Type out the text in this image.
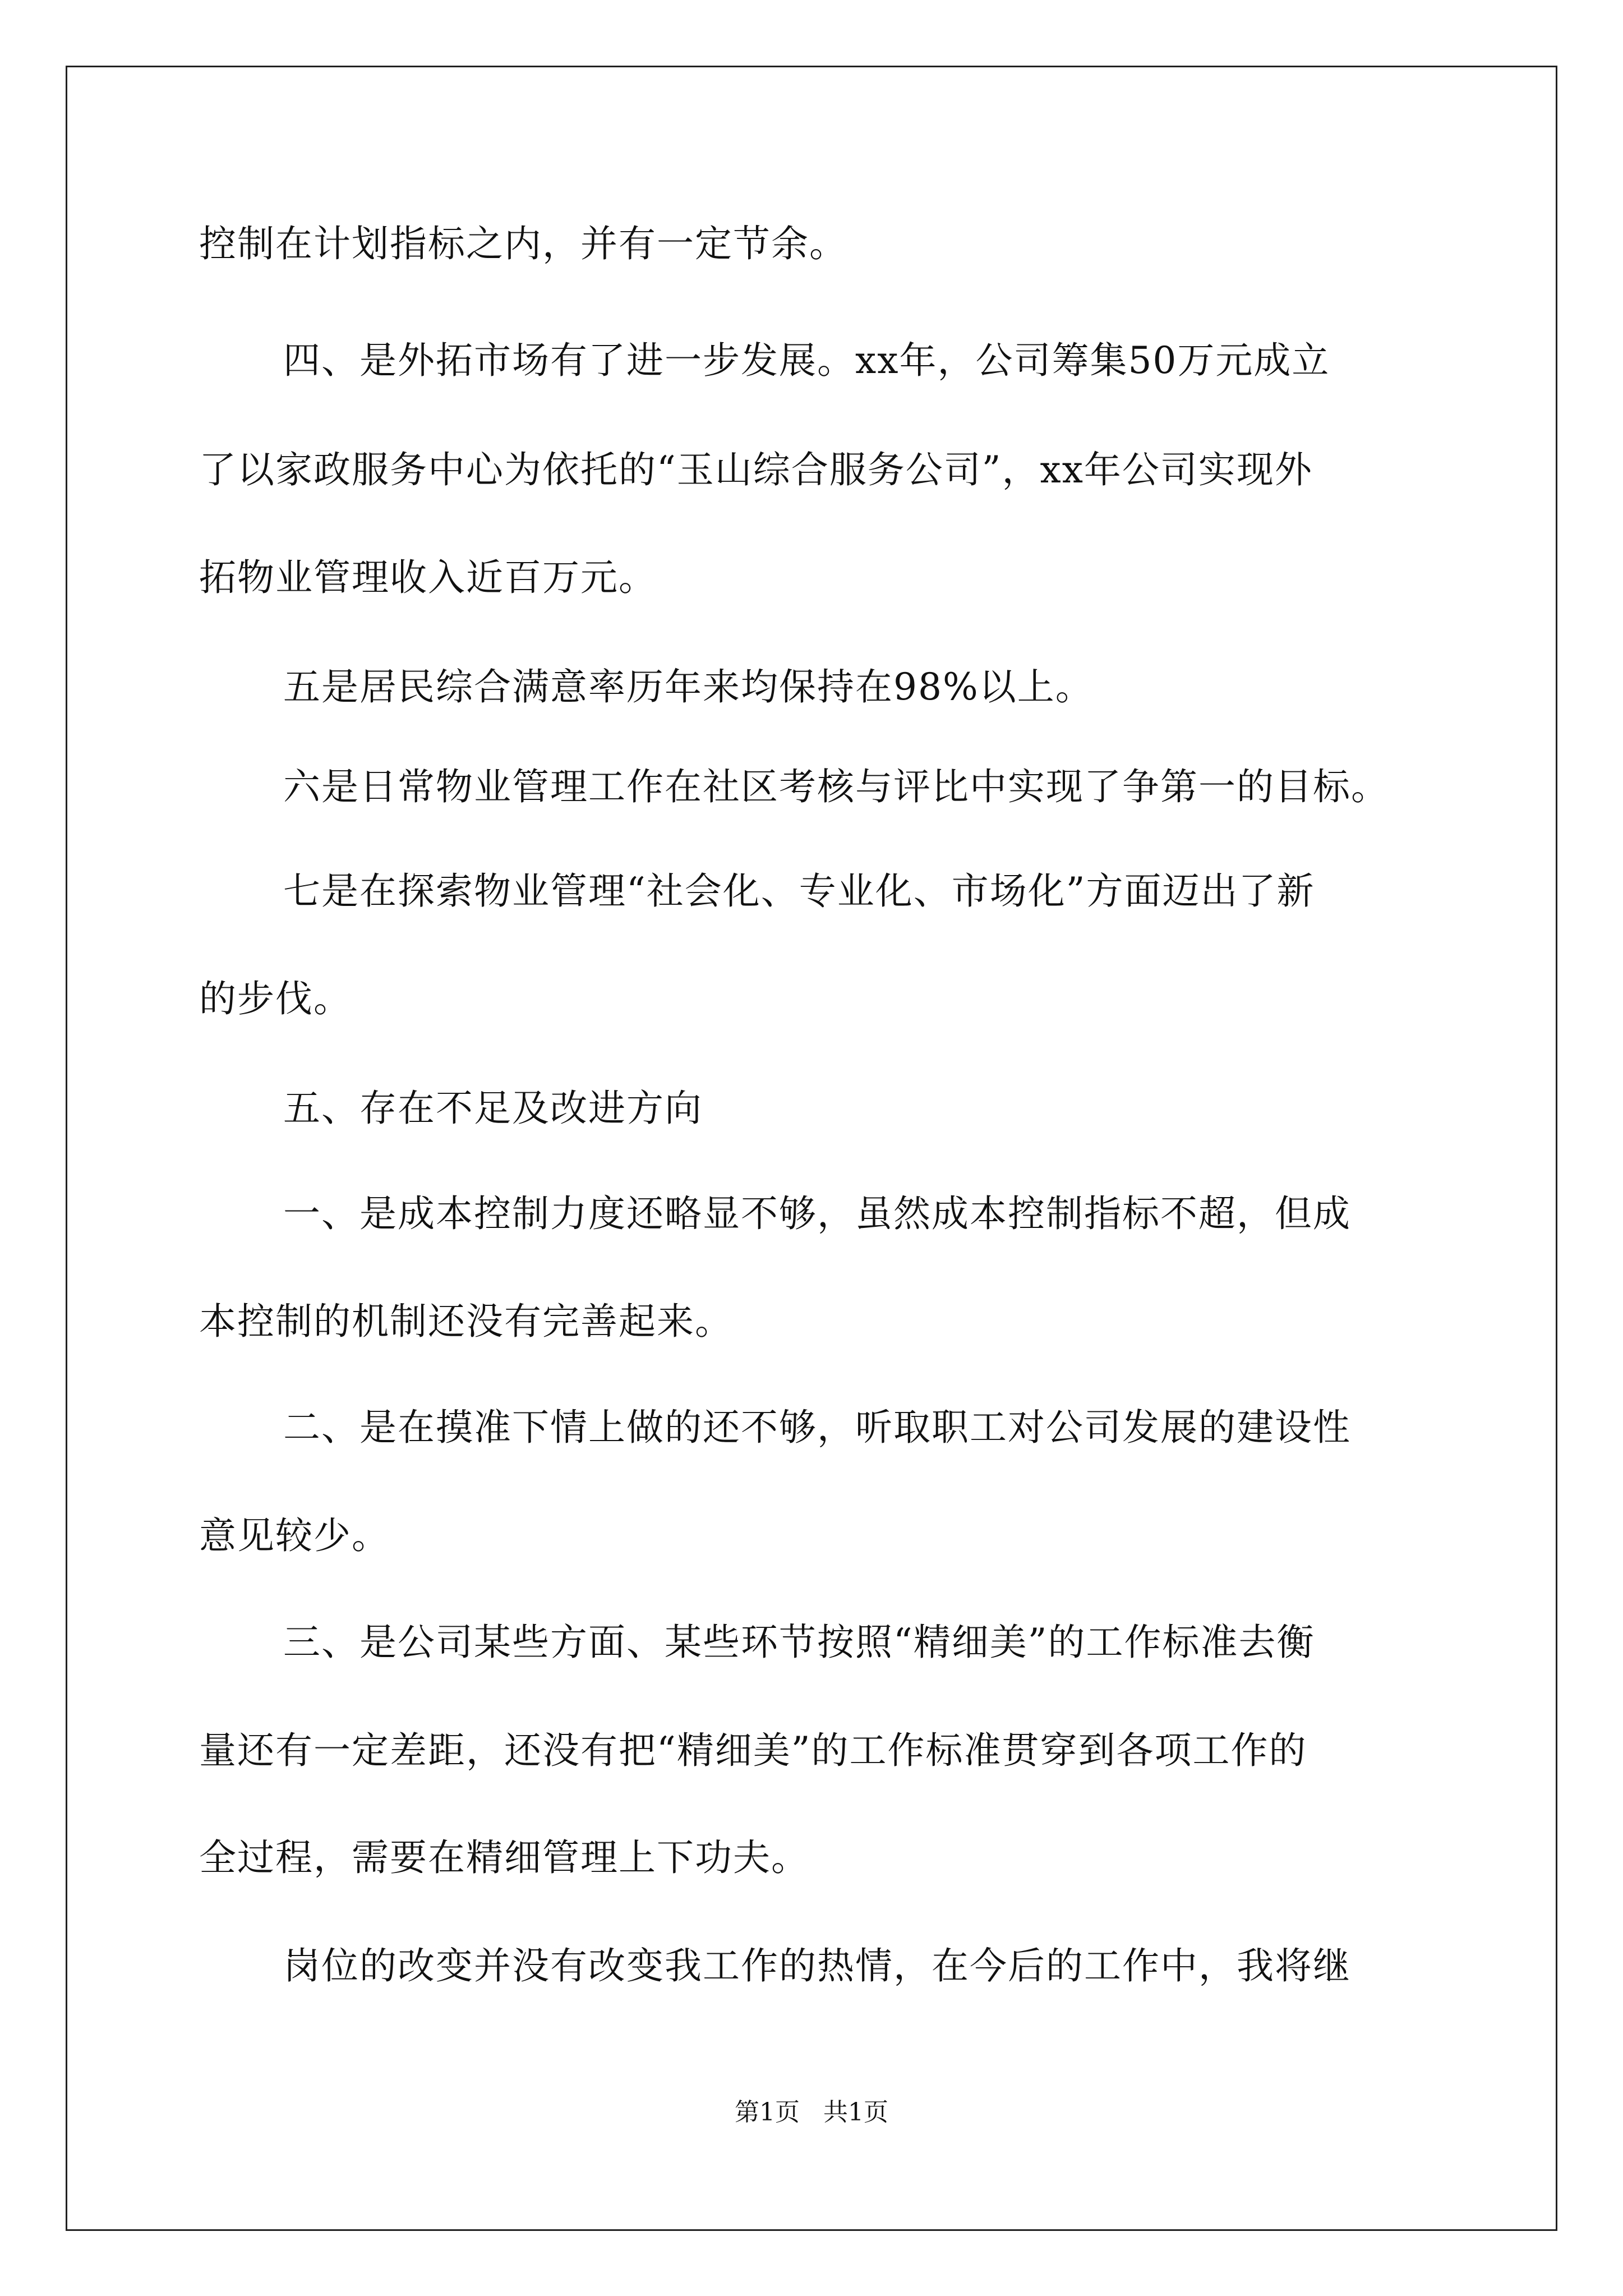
控制在计划指标之内，并有一定节余。
四、是外拓市场有了进一步发展。xx年，公司筹集50万元成立
了以家政服务中心为依托的“玉山综合服务公司”，xx年公司实现外
拓物业管理收入近百万元。
五是居民综合满意率历年来均保持在98%以上。
六是日常物业管理工作在社区考核与评比中实现了争第一的目标。
七是在探索物业管理“社会化、专业化、市场化”方面迈出了新
的步伐。
五、存在不足及改进方向
一、是成本控制力度还略显不够，虽然成本控制指标不超，但成
本控制的机制还没有完善起来。
二、是在摸准下情上做的还不够，听取职工对公司发展的建设性
意见较少。
三、是公司某些方面、某些环节按照“精细美”的工作标准去衡
量还有一定差距，还没有把“精细美”的工作标准贯穿到各项工作的
全过程，需要在精细管理上下功夫。
岗位的改变并没有改变我工作的热情，在今后的工作中，我将继
第1页   共1页
